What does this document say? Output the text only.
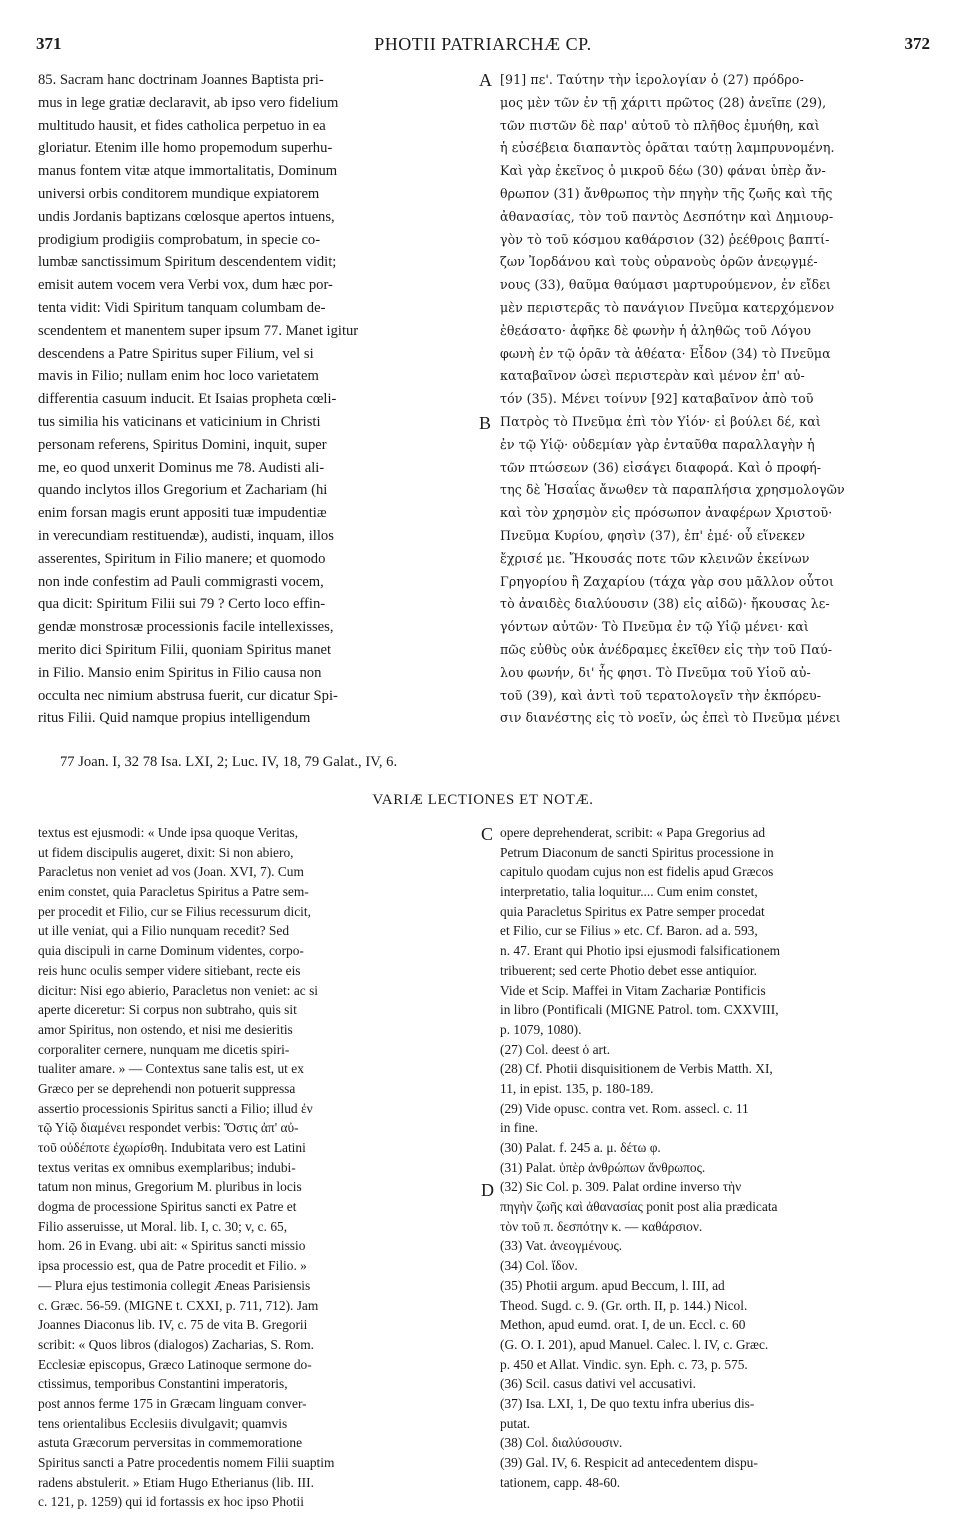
371	PHOTII PATRIARCHÆ CP.	372
85. Sacram hanc doctrinam Joannes Baptista pri-
mus in lege gratiæ declaravit, ab ipso vero fidelium
multitudo hausit, et fides catholica perpetuo in ea
gloriatur. Etenim ille homo propemodum superhu-
manus fontem vitæ atque immortalitatis, Dominum
universi orbis conditorem mundique expiatorem
undis Jordanis baptizans cœlosque apertos intuens,
prodigium prodigiis comprobatum, in specie co-
lumbæ sanctissimum Spiritum descendentem vidit;
emisit autem vocem vera Verbi vox, dum hæc por-
tenta vidit: Vidi Spiritum tanquam columbam de-
scendentem et manentem super ipsum 77. Manet igitur
descendens a Patre Spiritus super Filium, vel si
mavis in Filio; nullam enim hoc loco varietatem
differentia casuum inducit. Et Isaias propheta cœli-
tus similia his vaticinans et vaticinium in Christi
personam referens, Spiritus Domini, inquit, super
me, eo quod unxerit Dominus me 78. Audisti ali-
quando inclytos illos Gregorium et Zachariam (hi
enim forsan magis erunt appositi tuæ impudentiæ
in verecundiam restituendæ), audisti, inquam, illos
asserentes, Spiritum in Filio manere; et quomodo
non inde confestim ad Pauli commigrasti vocem,
qua dicit: Spiritum Filii sui 79 ? Certo loco effin-
gendæ monstrosæ processionis facile intellexisses,
merito dici Spiritum Filii, quoniam Spiritus manet
in Filio. Mansio enim Spiritus in Filio causa non
occulta nec nimium abstrusa fuerit, cur dicatur Spi-
ritus Filii. Quid namque propius intelligendum
[91] πε'. Ταύτην τὴν ἱερολογίαν ὁ (27) πρόδρο-
μος μὲν τῶν ἐν τῇ χάριτι πρῶτος (28) ἀνεῖπε (29),
τῶν πιστῶν δὲ παρ' αὐτοῦ τὸ πλῆθος ἐμυήθη, καὶ
ἡ εὐσέβεια διαπαντὸς ὁρᾶται ταύτῃ λαμπρυνομένη.
Καὶ γὰρ ἐκεῖνος ὁ μικροῦ δέω (30) φάναι ὑπὲρ ἄν-
θρωπον (31) ἄνθρωπος τὴν πηγὴν τῆς ζωῆς καὶ τῆς
ἀθανασίας, τὸν τοῦ παντὸς Δεσπότην καὶ Δημιουρ-
γὸν τὸ τοῦ κόσμου καθάρσιον (32) ῥεέθροις βαπτί-
ζων Ἰορδάνου καὶ τοὺς οὐρανοὺς ὁρῶν ἀνεῳγμέ-
νους (33), θαῦμα θαύμασι μαρτυρούμενον, ἐν εἴδει
μὲν περιστερᾶς τὸ πανάγιον Πνεῦμα κατερχόμενον
ἐθεάσατο· ἀφῆκε δὲ φωνὴν ἡ ἀληθῶς τοῦ Λόγου
φωνὴ ἐν τῷ ὁρᾶν τὰ ἀθέατα· Εἶδον (34) τὸ Πνεῦμα
καταβαῖνον ὡσεὶ περιστερὰν καὶ μένον ἐπ' αὐ-
τόν (35). Μένει τοίνυν [92] καταβαῖνον ἀπὸ τοῦ
Πατρὸς τὸ Πνεῦμα ἐπὶ τὸν Υἱόν· εἰ βούλει δέ, καὶ
ἐν τῷ Υἱῷ· οὐδεμίαν γὰρ ἐνταῦθα παραλλαγὴν ἡ
τῶν πτώσεων (36) εἰσάγει διαφορά. Καὶ ὁ προφή-
της δὲ Ἡσαΐας ἄνωθεν τὰ παραπλήσια χρησμολογῶν
καὶ τὸν χρησμὸν εἰς πρόσωπον ἀναφέρων Χριστοῦ·
Πνεῦμα Κυρίου, φησὶν (37), ἐπ' ἐμέ· οὗ εἵνεκεν
ἔχρισέ με. Ἤκουσάς ποτε τῶν κλεινῶν ἐκείνων
Γρηγορίου ἢ Ζαχαρίου (τάχα γὰρ σου μᾶλλον οὗτοι
τὸ ἀναιδὲς διαλύουσιν (38) εἰς αἰδῶ)· ἤκουσας λε-
γόντων αὐτῶν· Τὸ Πνεῦμα ἐν τῷ Υἱῷ μένει· καὶ
πῶς εὐθὺς οὐκ ἀνέδραμες ἐκεῖθεν εἰς τὴν τοῦ Παύ-
λου φωνήν, δι' ἧς φησι. Τὸ Πνεῦμα τοῦ Υἱοῦ αὐ-
τοῦ (39), καὶ ἀντὶ τοῦ τερατολογεῖν τὴν ἐκπόρευ-
σιν διανέστης εἰς τὸ νοεῖν, ὡς ἐπεὶ τὸ Πνεῦμα μένει
A
B
C
D
77 Joan. I, 32 78 Isa. LXI, 2; Luc. IV, 18, 79 Galat., IV, 6.
VARIÆ LECTIONES ET NOTÆ.
textus est ejusmodi: « Unde ipsa quoque Veritas,
ut fidem discipulis augeret, dixit: Si non abiero,
Paracletus non veniet ad vos (Joan. XVI, 7). Cum
enim constet, quia Paracletus Spiritus a Patre sem-
per procedit et Filio, cur se Filius recessurum dicit,
ut ille veniat, qui a Filio nunquam recedit? Sed
quia discipuli in carne Dominum videntes, corpo-
reis hunc oculis semper videre sitiebant, recte eis
dicitur: Nisi ego abierio, Paracletus non veniet: ac si
aperte diceretur: Si corpus non subtraho, quis sit
amor Spiritus, non ostendo, et nisi me desieritis
corporaliter cernere, nunquam me dicetis spiri-
tualiter amare. » — Contextus sane talis est, ut ex
Græco per se deprehendi non potuerit suppressa
assertio processionis Spiritus sancti a Filio; illud ἐν
τῷ Υἱῷ διαμένει respondet verbis: Ὅστις ἀπ' αὐ-
τοῦ οὐδέποτε ἐχωρίσθη. Indubitata vero est Latini
textus veritas ex omnibus exemplaribus; indubi-
tatum non minus, Gregorium M. pluribus in locis
dogma de processione Spiritus sancti ex Patre et
Filio asseruisse, ut Moral. lib. I, c. 30; v, c. 65,
hom. 26 in Evang. ubi ait: « Spiritus sancti missio
ipsa processio est, qua de Patre procedit et Filio. »
— Plura ejus testimonia collegit Æneas Parisiensis
c. Græc. 56-59. (MIGNE t. CXXI, p. 711, 712). Jam
Joannes Diaconus lib. IV, c. 75 de vita B. Gregorii
scribit: « Quos libros (dialogos) Zacharias, S. Rom.
Ecclesiæ episcopus, Græco Latinoque sermone do-
ctissimus, temporibus Constantini imperatoris,
post annos ferme 175 in Græcam linguam conver-
tens orientalibus Ecclesiis divulgavit; quamvis
astuta Græcorum perversitas in commemoratione
Spiritus sancti a Patre procedentis nomem Filii suaptim
radens abstulerit. » Etiam Hugo Etherianus (lib. III.
c. 121, p. 1259) qui id fortassis ex hoc ipso Photii
opere deprehenderat, scribit: « Papa Gregorius ad
Petrum Diaconum de sancti Spiritus processione in
capitulo quodam cujus non est fidelis apud Græcos
interpretatio, talia loquitur.... Cum enim constet,
quia Paracletus Spiritus ex Patre semper procedat
et Filio, cur se Filius » etc. Cf. Baron. ad a. 593,
n. 47. Erant qui Photio ipsi ejusmodi falsificationem
tribuerent; sed certe Photio debet esse antiquior.
Vide et Scip. Maffei in Vitam Zachariæ Pontificis
in libro (Pontificali (MIGNE Patrol. tom. CXXVIII,
p. 1079, 1080).
(27) Col. deest ὁ art.
(28) Cf. Photii disquisitionem de Verbis Matth. XI,
11, in epist. 135, p. 180-189.
(29) Vide opusc. contra vet. Rom. assecl. c. 11
in fine.
(30) Palat. f. 245 a. μ. δέτω φ.
(31) Palat. ὑπὲρ ἀνθρώπων ἄνθρωπος.
(32) Sic Col. p. 309. Palat ordine inverso τὴν
πηγὴν ζωῆς καὶ ἀθανασίας ponit post alia prædicata
τὸν τοῦ π. δεσπότην κ. — καθάρσιον.
(33) Vat. ἀνεογμένους.
(34) Col. ἴδον.
(35) Photii argum. apud Beccum, l. III, ad
Theod. Sugd. c. 9. (Gr. orth. II, p. 144.) Nicol.
Methon, apud eumd. orat. I, de un. Eccl. c. 60
(G. O. I. 201), apud Manuel. Calec. l. IV, c. Græc.
p. 450 et Allat. Vindic. syn. Eph. c. 73, p. 575.
(36) Scil. casus dativi vel accusativi.
(37) Isa. LXI, 1, De quo textu infra uberius dis-
putat.
(38) Col. διαλύσουσιν.
(39) Gal. IV, 6. Respicit ad antecedentem dispu-
tationem, capp. 48-60.
